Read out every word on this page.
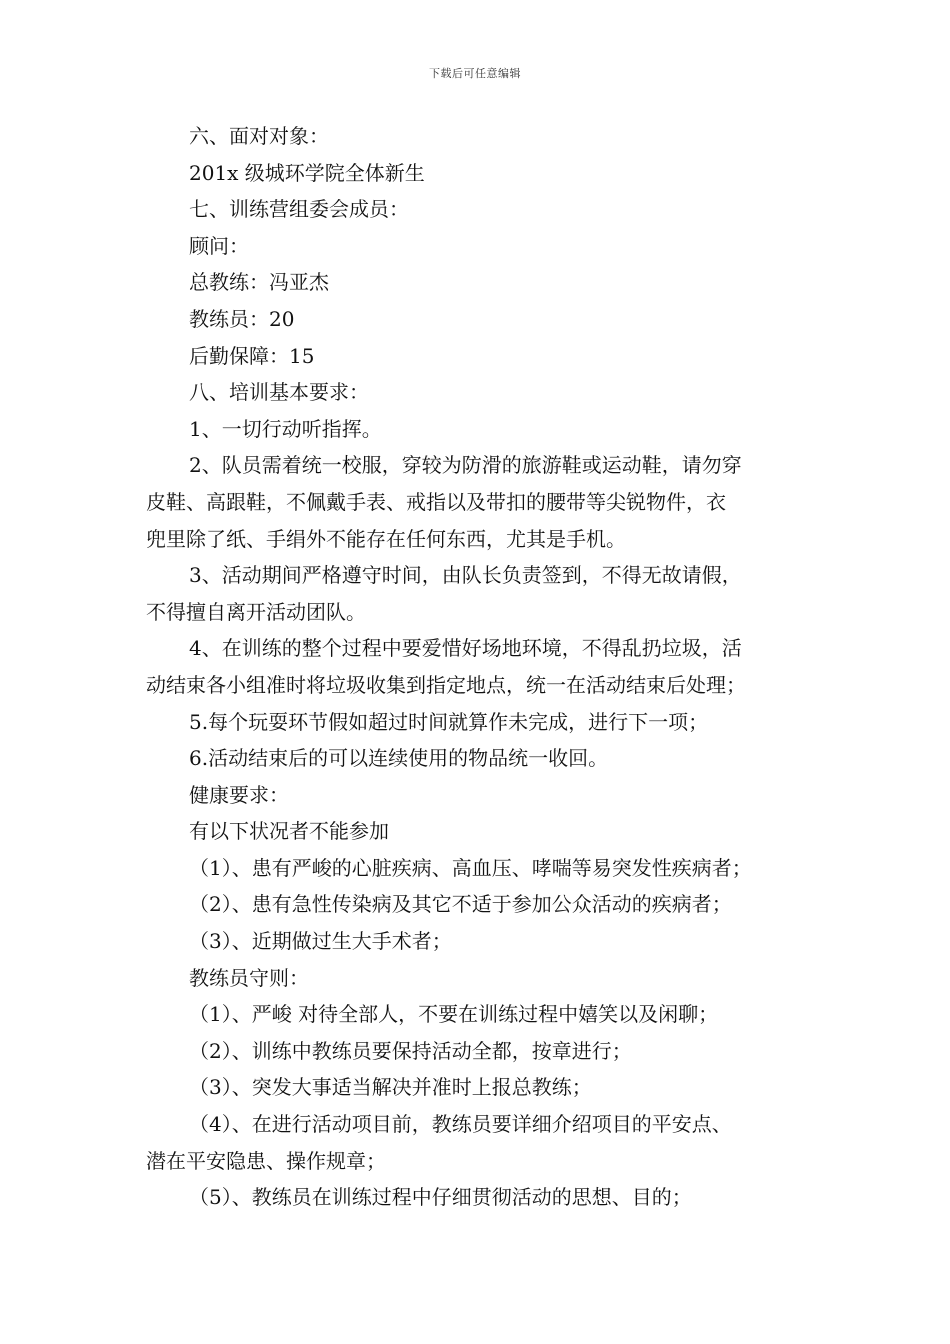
下载后可任意编辑
六、面对对象：
201x 级城环学院全体新生
七、训练营组委会成员：
顾问：
总教练：冯亚杰
教练员：20
后勤保障：15
八、培训基本要求：
1、一切行动听指挥。
2、队员需着统一校服，穿较为防滑的旅游鞋或运动鞋，请勿穿
皮鞋、高跟鞋，不佩戴手表、戒指以及带扣的腰带等尖锐物件，衣
兜里除了纸、手绢外不能存在任何东西，尤其是手机。
3、活动期间严格遵守时间，由队长负责签到，不得无故请假，
不得擅自离开活动团队。
4、在训练的整个过程中要爱惜好场地环境，不得乱扔垃圾，活
动结束各小组准时将垃圾收集到指定地点，统一在活动结束后处理；
5.每个玩耍环节假如超过时间就算作未完成，进行下一项；
6.活动结束后的可以连续使用的物品统一收回。
健康要求：
有以下状况者不能参加
（1）、患有严峻的心脏疾病、高血压、哮喘等易突发性疾病者；
（2）、患有急性传染病及其它不适于参加公众活动的疾病者；
（3）、近期做过生大手术者；
教练员守则：
（1）、严峻 对待全部人，不要在训练过程中嬉笑以及闲聊；
（2）、训练中教练员要保持活动全都，按章进行；
（3）、突发大事适当解决并准时上报总教练；
（4）、在进行活动项目前，教练员要详细介绍项目的平安点、
潜在平安隐患、操作规章；
（5）、教练员在训练过程中仔细贯彻活动的思想、目的；
